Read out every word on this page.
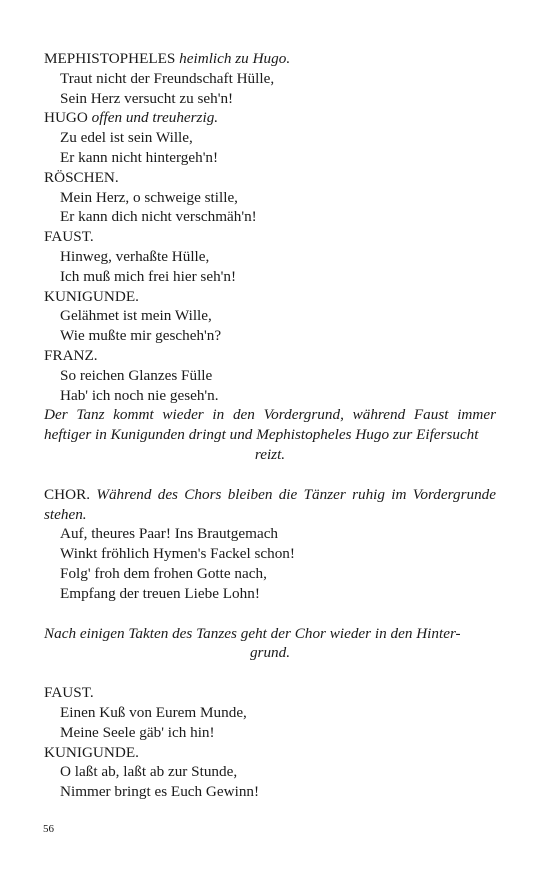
MEPHISTOPHELES heimlich zu Hugo.
Traut nicht der Freundschaft Hülle,
Sein Herz versucht zu seh'n!
HUGO offen und treuherzig.
Zu edel ist sein Wille,
Er kann nicht hintergeh'n!
RÖSCHEN.
Mein Herz, o schweige stille,
Er kann dich nicht verschmäh'n!
FAUST.
Hinweg, verhaßte Hülle,
Ich muß mich frei hier seh'n!
KUNIGUNDE.
Gelähmet ist mein Wille,
Wie mußte mir gescheh'n?
FRANZ.
So reichen Glanzes Fülle
Hab' ich noch nie geseh'n.
Der Tanz kommt wieder in den Vordergrund, während Faust immer heftiger in Kunigunden dringt und Mephistopheles Hugo zur Eifersucht
reizt.
CHOR. Während des Chors bleiben die Tänzer ruhig im Vordergrunde stehen.
Auf, theures Paar! Ins Brautgemach
Winkt fröhlich Hymen's Fackel schon!
Folg' froh dem frohen Gotte nach,
Empfang der treuen Liebe Lohn!
Nach einigen Takten des Tanzes geht der Chor wieder in den Hinter-
grund.
FAUST.
Einen Kuß von Eurem Munde,
Meine Seele gäb' ich hin!
KUNIGUNDE.
O laßt ab, laßt ab zur Stunde,
Nimmer bringt es Euch Gewinn!
56
